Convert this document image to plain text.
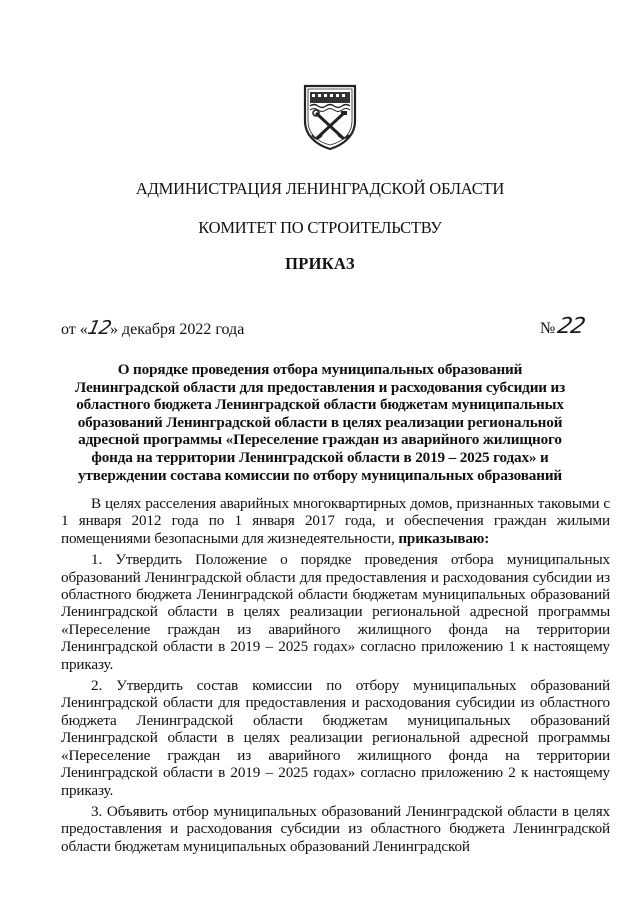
АДМИНИСТРАЦИЯ ЛЕНИНГРАДСКОЙ ОБЛАСТИ
КОМИТЕТ ПО СТРОИТЕЛЬСТВУ
ПРИКАЗ
от «12» декабря 2022 года	№22
О порядке проведения отбора муниципальных образований Ленинградской области для предоставления и расходования субсидии из областного бюджета Ленинградской области бюджетам муниципальных образований Ленинградской области в целях реализации региональной адресной программы «Переселение граждан из аварийного жилищного фонда на территории Ленинградской области в 2019 – 2025 годах» и утверждении состава комиссии по отбору муниципальных образований

В целях расселения аварийных многоквартирных домов, признанных таковыми с 1 января 2012 года по 1 января 2017 года, и обеспечения граждан жилыми помещениями безопасными для жизнедеятельности, приказываю:

1. Утвердить Положение о порядке проведения отбора муниципальных образований Ленинградской области для предоставления и расходования субсидии из областного бюджета Ленинградской области бюджетам муниципальных образований Ленинградской области в целях реализации региональной адресной программы «Переселение граждан из аварийного жилищного фонда на территории Ленинградской области в 2019 – 2025 годах» согласно приложению 1 к настоящему приказу.

2. Утвердить состав комиссии по отбору муниципальных образований Ленинградской области для предоставления и расходования субсидии из областного бюджета Ленинградской области бюджетам муниципальных образований Ленинградской области в целях реализации региональной адресной программы «Переселение граждан из аварийного жилищного фонда на территории Ленинградской области в 2019 – 2025 годах» согласно приложению 2 к настоящему приказу.

3. Объявить отбор муниципальных образований Ленинградской области в целях предоставления и расходования субсидии из областного бюджета Ленинградской области бюджетам муниципальных образований Ленинградской
